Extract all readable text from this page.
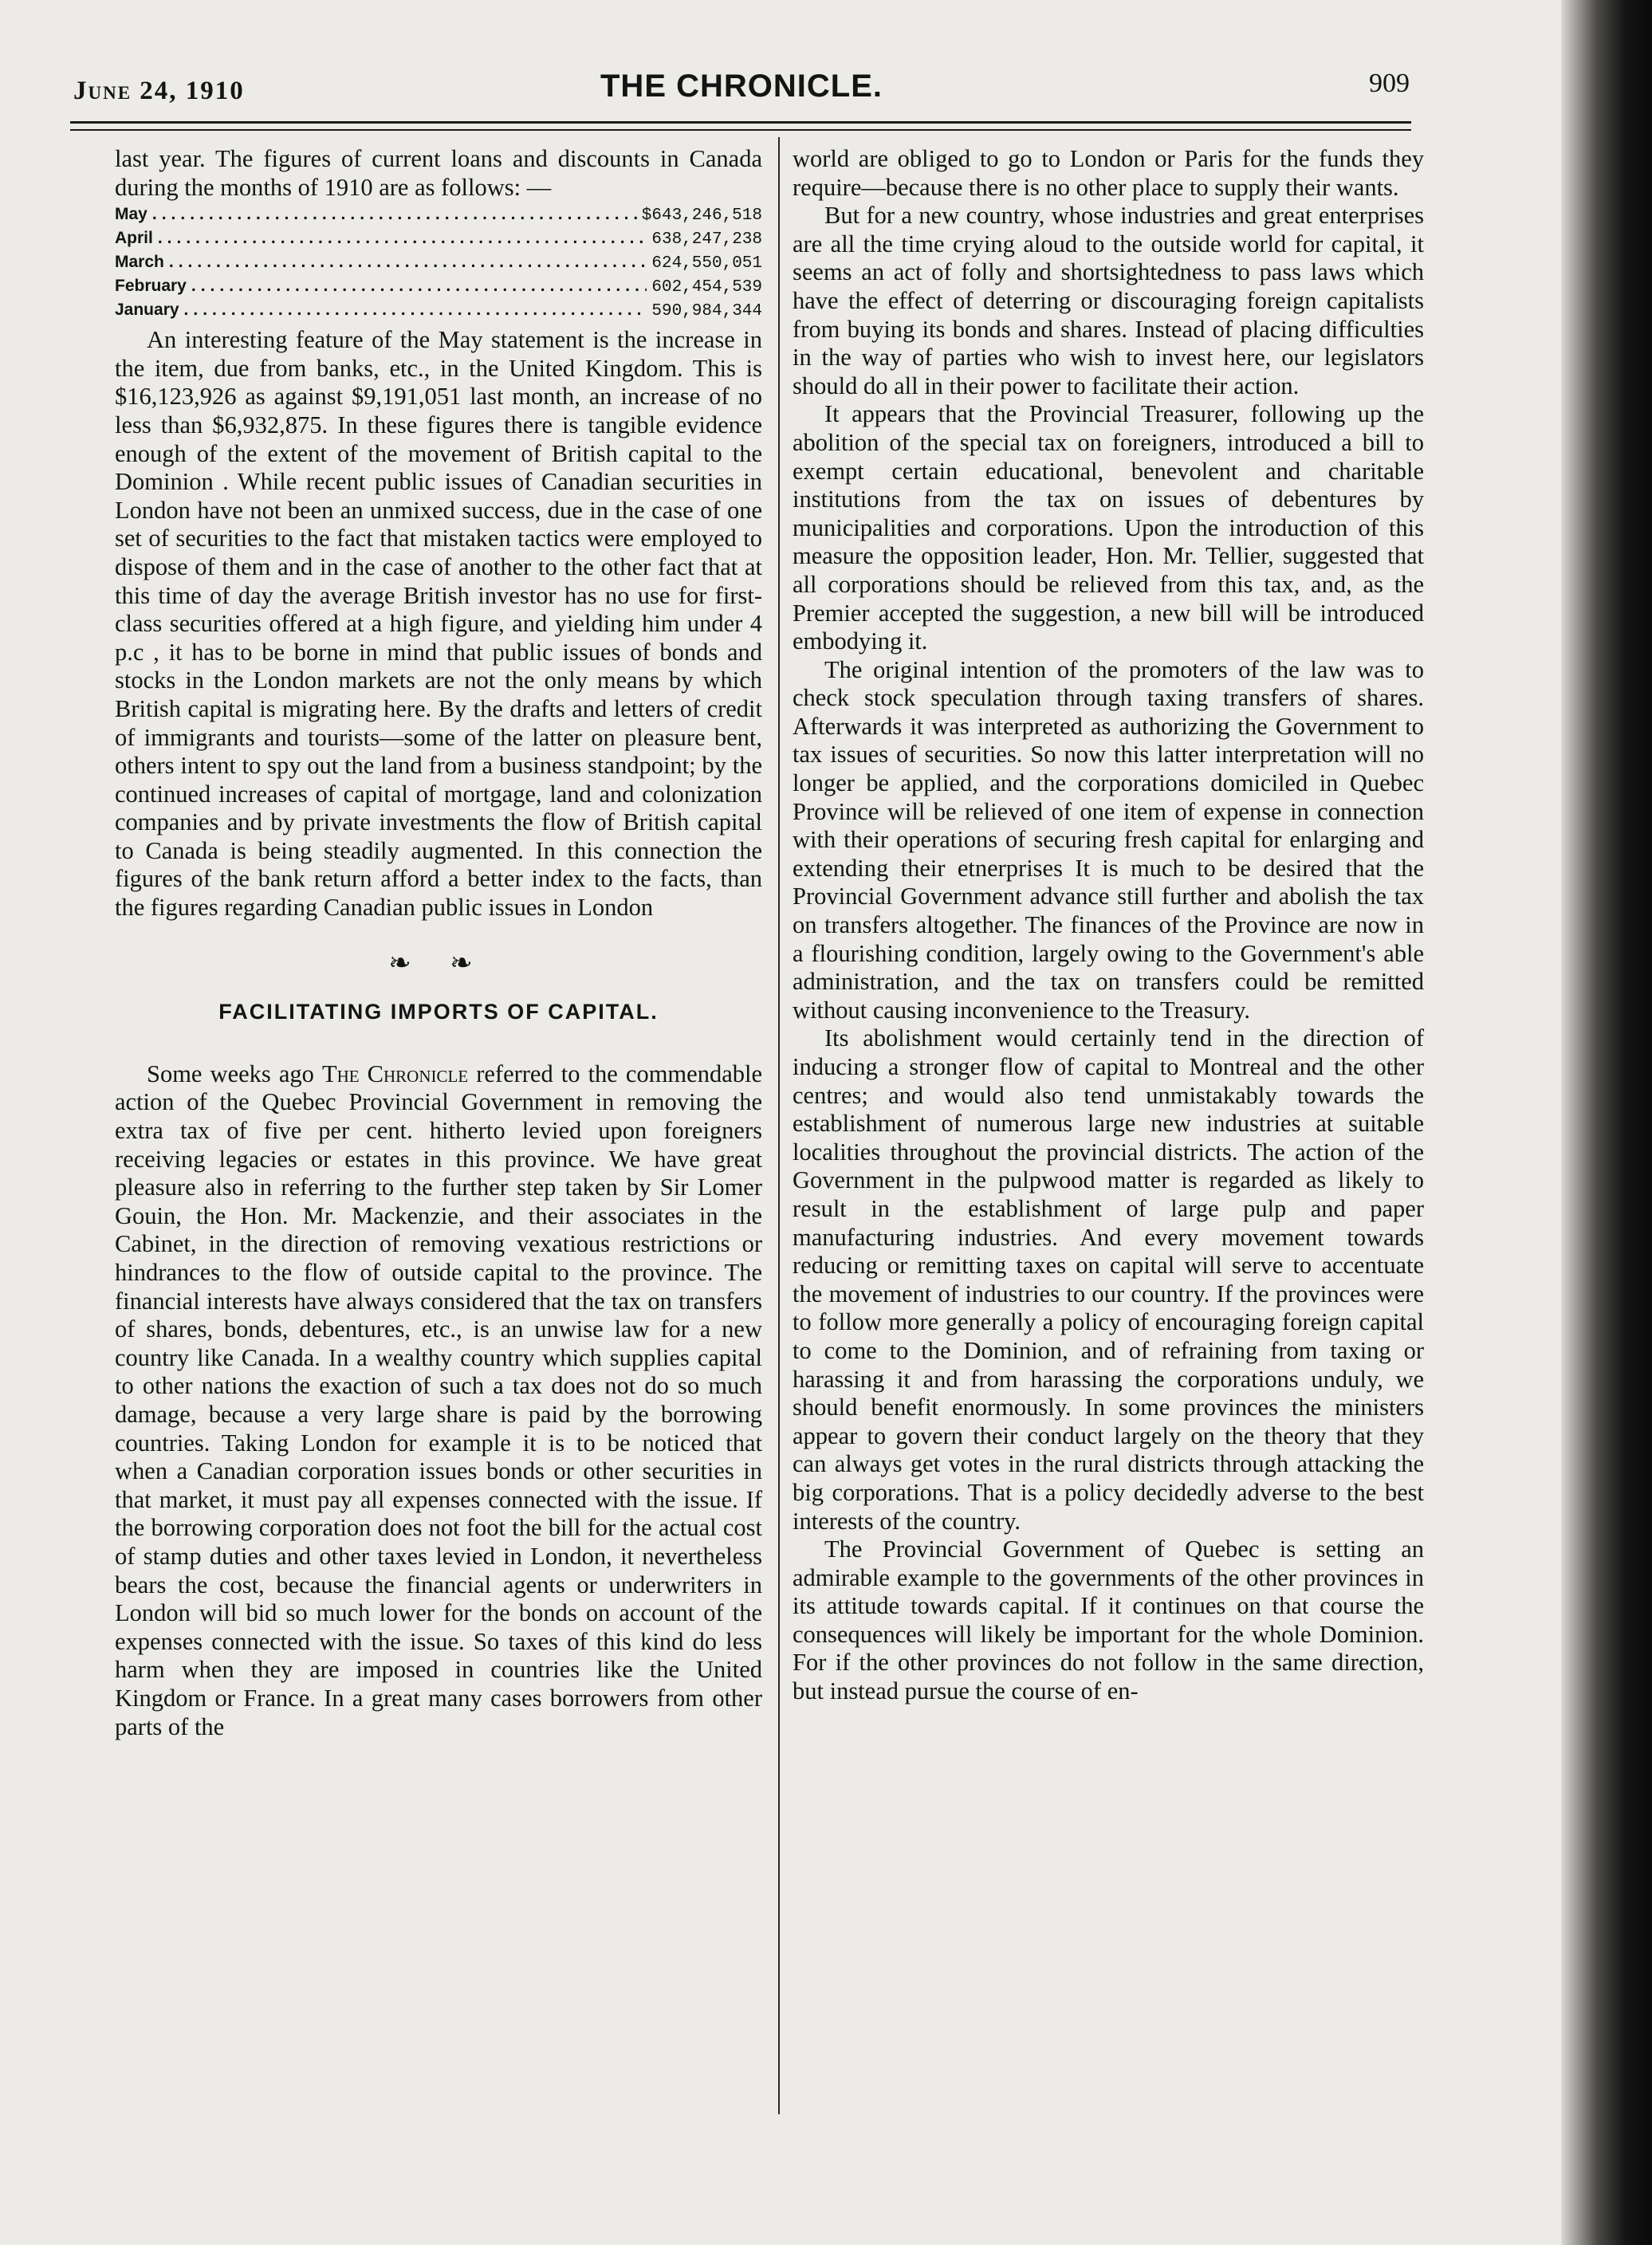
June 24, 1910	THE CHRONICLE.	909

last year. The figures of current loans and discounts in Canada during the months of 1910 are as follows: —

May .....	$643,246,518
April .....	638,247,238
March .....	624,550,051
February .....	602,454,539
January .....	590,984,344

An interesting feature of the May statement is the increase in the item, due from banks, etc., in the United Kingdom. This is $16,123,926 as against $9,191,051 last month, an increase of no less than $6,932,875. In these figures there is tangible evidence enough of the extent of the movement of British capital to the Dominion . While recent public issues of Canadian securities in London have not been an unmixed success, due in the case of one set of securities to the fact that mistaken tactics were employed to dispose of them and in the case of another to the other fact that at this time of day the average British investor has no use for first-class securities offered at a high figure, and yielding him under 4 p.c , it has to be borne in mind that public issues of bonds and stocks in the London markets are not the only means by which British capital is migrating here. By the drafts and letters of credit of immigrants and tourists—some of the latter on pleasure bent, others intent to spy out the land from a business standpoint; by the continued increases of capital of mortgage, land and colonization companies and by private investments the flow of British capital to Canada is being steadily augmented. In this connection the figures of the bank return afford a better index to the facts, than the figures regarding Canadian public issues in London

❧ ❧
FACILITATING IMPORTS OF CAPITAL.

Some weeks ago The Chronicle referred to the commendable action of the Quebec Provincial Government in removing the extra tax of five per cent. hitherto levied upon foreigners receiving legacies or estates in this province. We have great pleasure also in referring to the further step taken by Sir Lomer Gouin, the Hon. Mr. Mackenzie, and their associates in the Cabinet, in the direction of removing vexatious restrictions or hindrances to the flow of outside capital to the province. The financial interests have always considered that the tax on transfers of shares, bonds, debentures, etc., is an unwise law for a new country like Canada. In a wealthy country which supplies capital to other nations the exaction of such a tax does not do so much damage, because a very large share is paid by the borrowing countries. Taking London for example it is to be noticed that when a Canadian corporation issues bonds or other securities in that market, it must pay all expenses connected with the issue. If the borrowing corporation does not foot the bill for the actual cost of stamp duties and other taxes levied in London, it nevertheless bears the cost, because the financial agents or underwriters in London will bid so much lower for the bonds on account of the expenses connected with the issue. So taxes of this kind do less harm when they are imposed in countries like the United Kingdom or France. In a great many cases borrowers from other parts of the

world are obliged to go to London or Paris for the funds they require—because there is no other place to supply their wants.

But for a new country, whose industries and great enterprises are all the time crying aloud to the outside world for capital, it seems an act of folly and shortsightedness to pass laws which have the effect of deterring or discouraging foreign capitalists from buying its bonds and shares. Instead of placing difficulties in the way of parties who wish to invest here, our legislators should do all in their power to facilitate their action.

It appears that the Provincial Treasurer, following up the abolition of the special tax on foreigners, introduced a bill to exempt certain educational, benevolent and charitable institutions from the tax on issues of debentures by municipalities and corporations. Upon the introduction of this measure the opposition leader, Hon. Mr. Tellier, suggested that all corporations should be relieved from this tax, and, as the Premier accepted the suggestion, a new bill will be introduced embodying it.

The original intention of the promoters of the law was to check stock speculation through taxing transfers of shares. Afterwards it was interpreted as authorizing the Government to tax issues of securities. So now this latter interpretation will no longer be applied, and the corporations domiciled in Quebec Province will be relieved of one item of expense in connection with their operations of securing fresh capital for enlarging and extending their etnerprises It is much to be desired that the Provincial Government advance still further and abolish the tax on transfers altogether. The finances of the Province are now in a flourishing condition, largely owing to the Government's able administration, and the tax on transfers could be remitted without causing inconvenience to the Treasury.

Its abolishment would certainly tend in the direction of inducing a stronger flow of capital to Montreal and the other centres; and would also tend unmistakably towards the establishment of numerous large new industries at suitable localities throughout the provincial districts. The action of the Government in the pulpwood matter is regarded as likely to result in the establishment of large pulp and paper manufacturing industries. And every movement towards reducing or remitting taxes on capital will serve to accentuate the movement of industries to our country. If the provinces were to follow more generally a policy of encouraging foreign capital to come to the Dominion, and of refraining from taxing or harassing it and from harassing the corporations unduly, we should benefit enormously. In some provinces the ministers appear to govern their conduct largely on the theory that they can always get votes in the rural districts through attacking the big corporations. That is a policy decidedly adverse to the best interests of the country.

The Provincial Government of Quebec is setting an admirable example to the governments of the other provinces in its attitude towards capital. If it continues on that course the consequences will likely be important for the whole Dominion. For if the other provinces do not follow in the same direction, but instead pursue the course of en-
